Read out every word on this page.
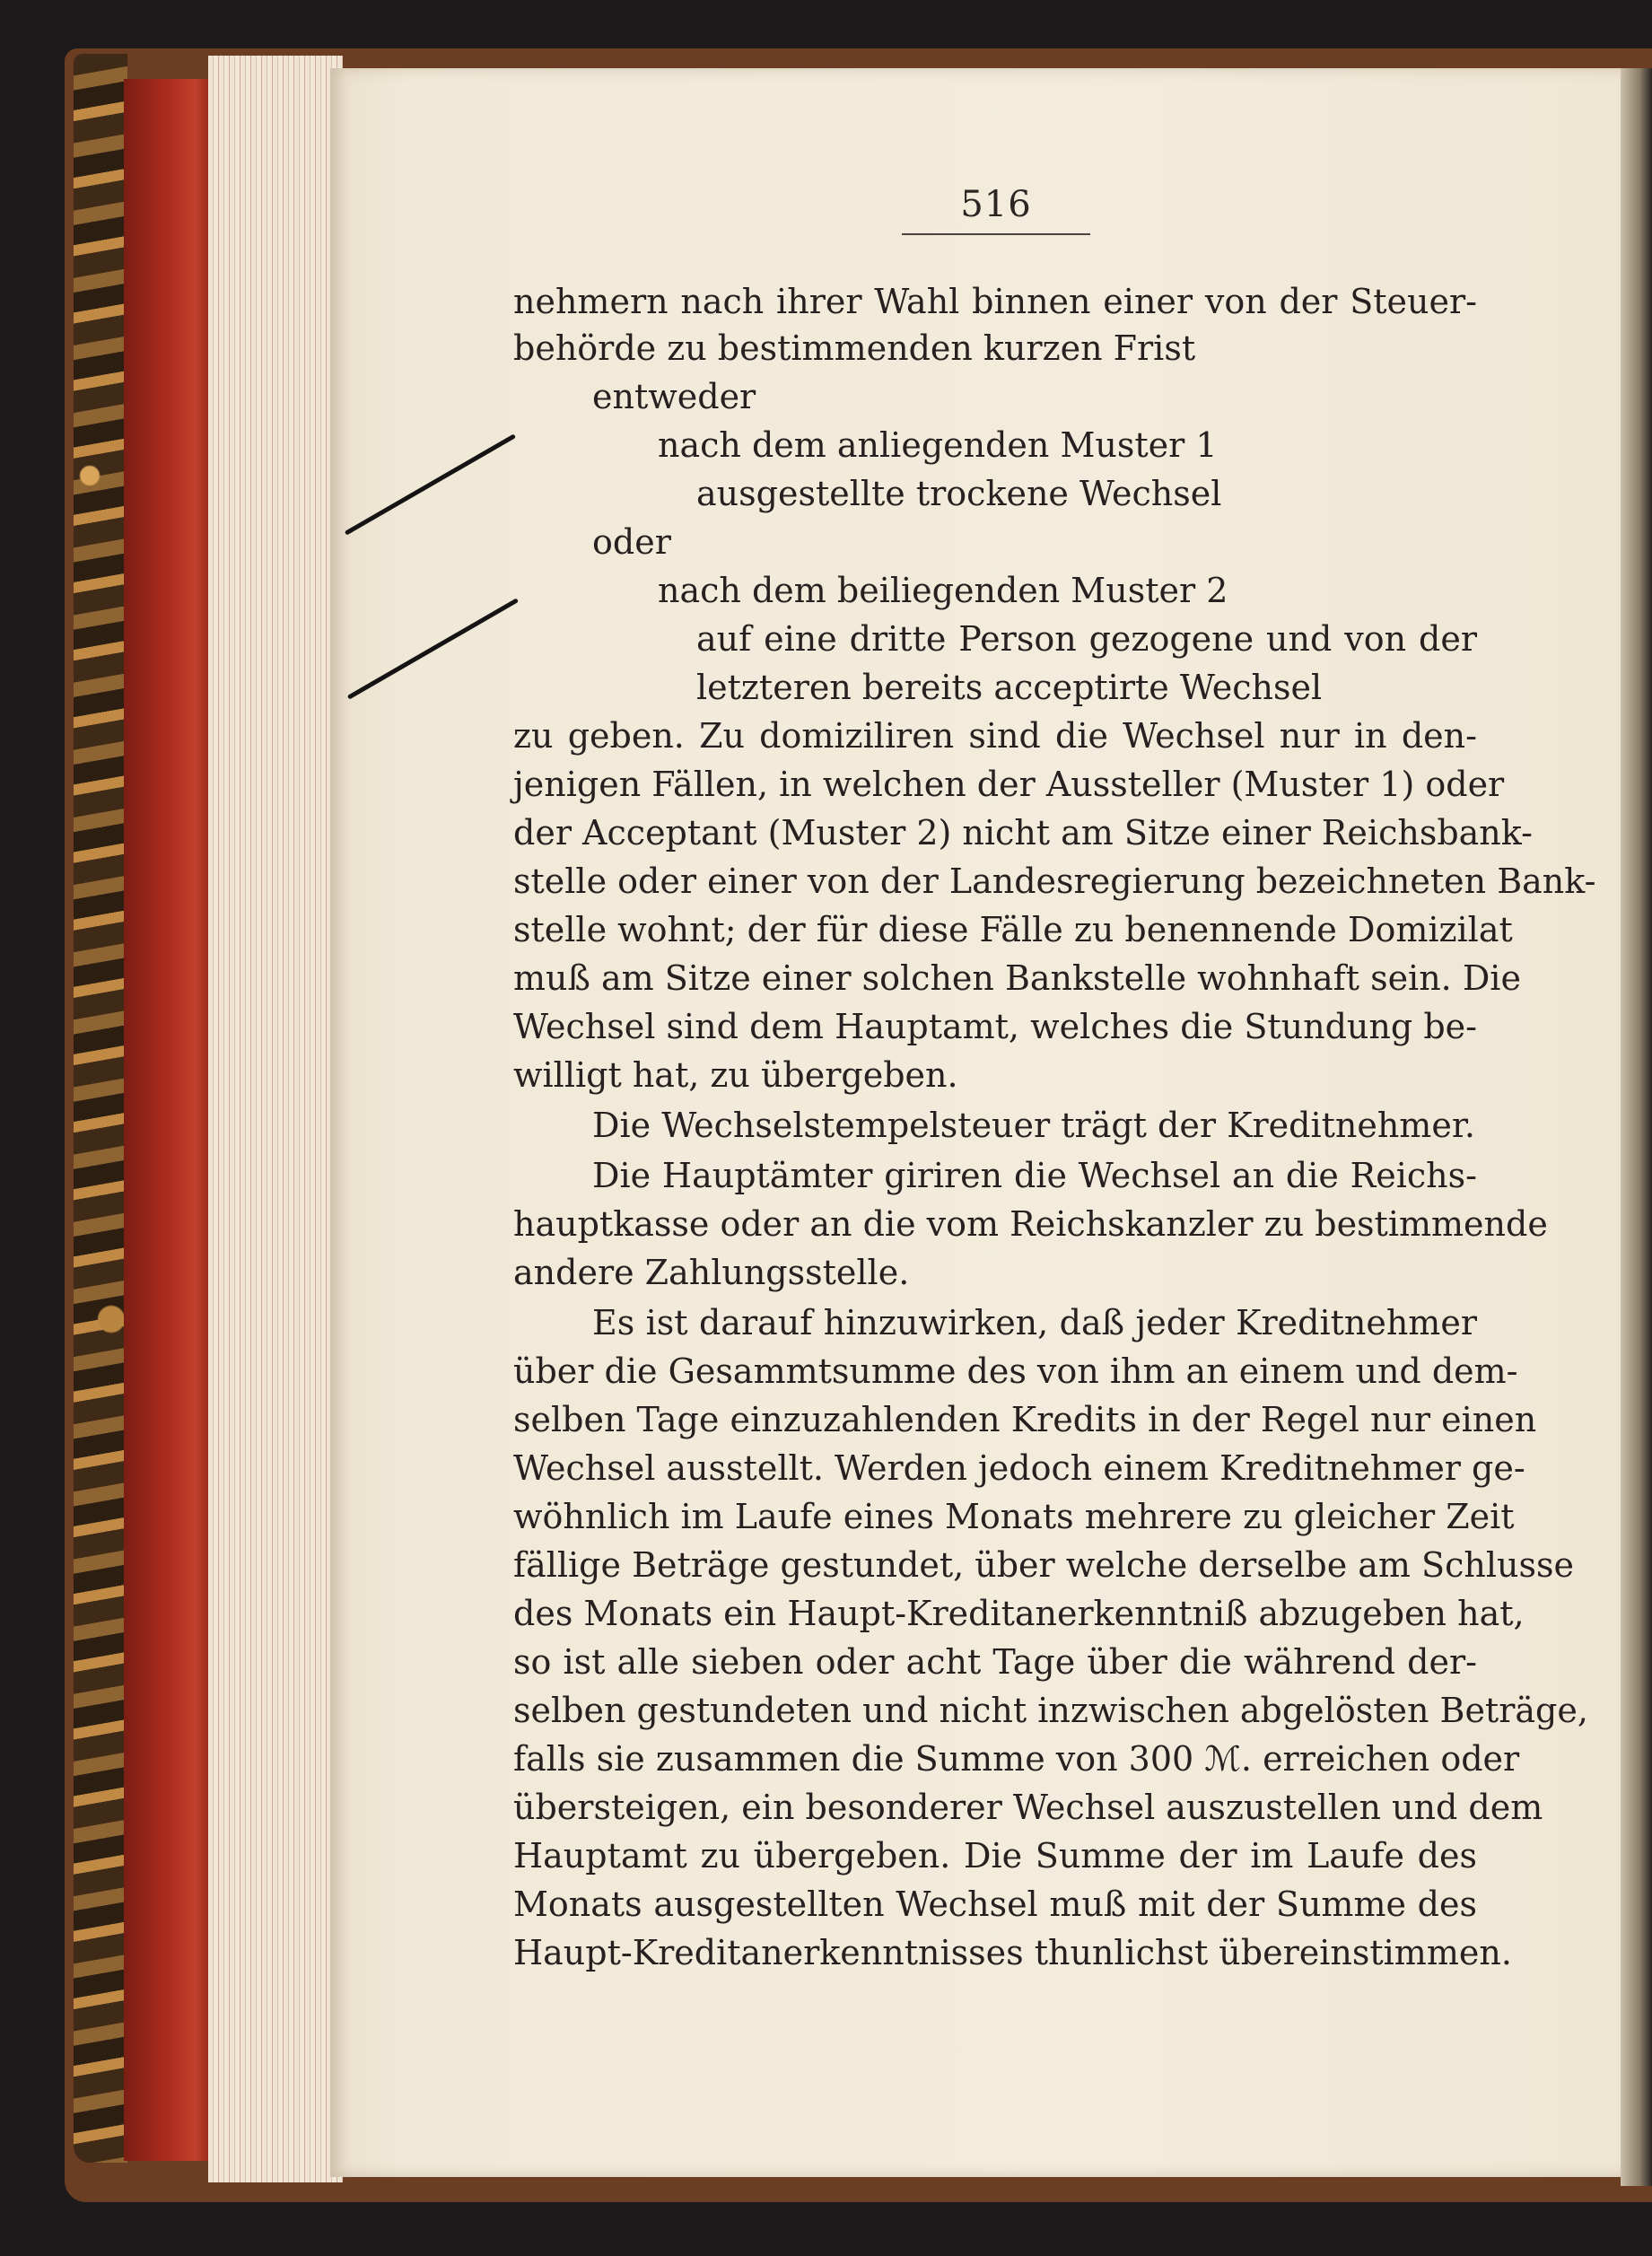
516
nehmern nach ihrer Wahl binnen einer von der Steuer-
behörde zu bestimmenden kurzen Frist
entweder
nach dem anliegenden Muster 1
ausgestellte trockene Wechsel
oder
nach dem beiliegenden Muster 2
auf eine dritte Person gezogene und von der
letzteren bereits acceptirte Wechsel
zu geben. Zu domiziliren sind die Wechsel nur in den-
jenigen Fällen, in welchen der Aussteller (Muster 1) oder
der Acceptant (Muster 2) nicht am Sitze einer Reichsbank-
stelle oder einer von der Landesregierung bezeichneten Bank-
stelle wohnt; der für diese Fälle zu benennende Domizilat
muß am Sitze einer solchen Bankstelle wohnhaft sein. Die
Wechsel sind dem Hauptamt, welches die Stundung be-
willigt hat, zu übergeben.
Die Wechselstempelsteuer trägt der Kreditnehmer.
Die Hauptämter giriren die Wechsel an die Reichs-
hauptkasse oder an die vom Reichskanzler zu bestimmende
andere Zahlungsstelle.
Es ist darauf hinzuwirken, daß jeder Kreditnehmer
über die Gesammtsumme des von ihm an einem und dem-
selben Tage einzuzahlenden Kredits in der Regel nur einen
Wechsel ausstellt. Werden jedoch einem Kreditnehmer ge-
wöhnlich im Laufe eines Monats mehrere zu gleicher Zeit
fällige Beträge gestundet, über welche derselbe am Schlusse
des Monats ein Haupt-Kreditanerkenntniß abzugeben hat,
so ist alle sieben oder acht Tage über die während der-
selben gestundeten und nicht inzwischen abgelösten Beträge,
falls sie zusammen die Summe von 300 ℳ. erreichen oder
übersteigen, ein besonderer Wechsel auszustellen und dem
Hauptamt zu übergeben. Die Summe der im Laufe des
Monats ausgestellten Wechsel muß mit der Summe des
Haupt-Kreditanerkenntnisses thunlichst übereinstimmen.
